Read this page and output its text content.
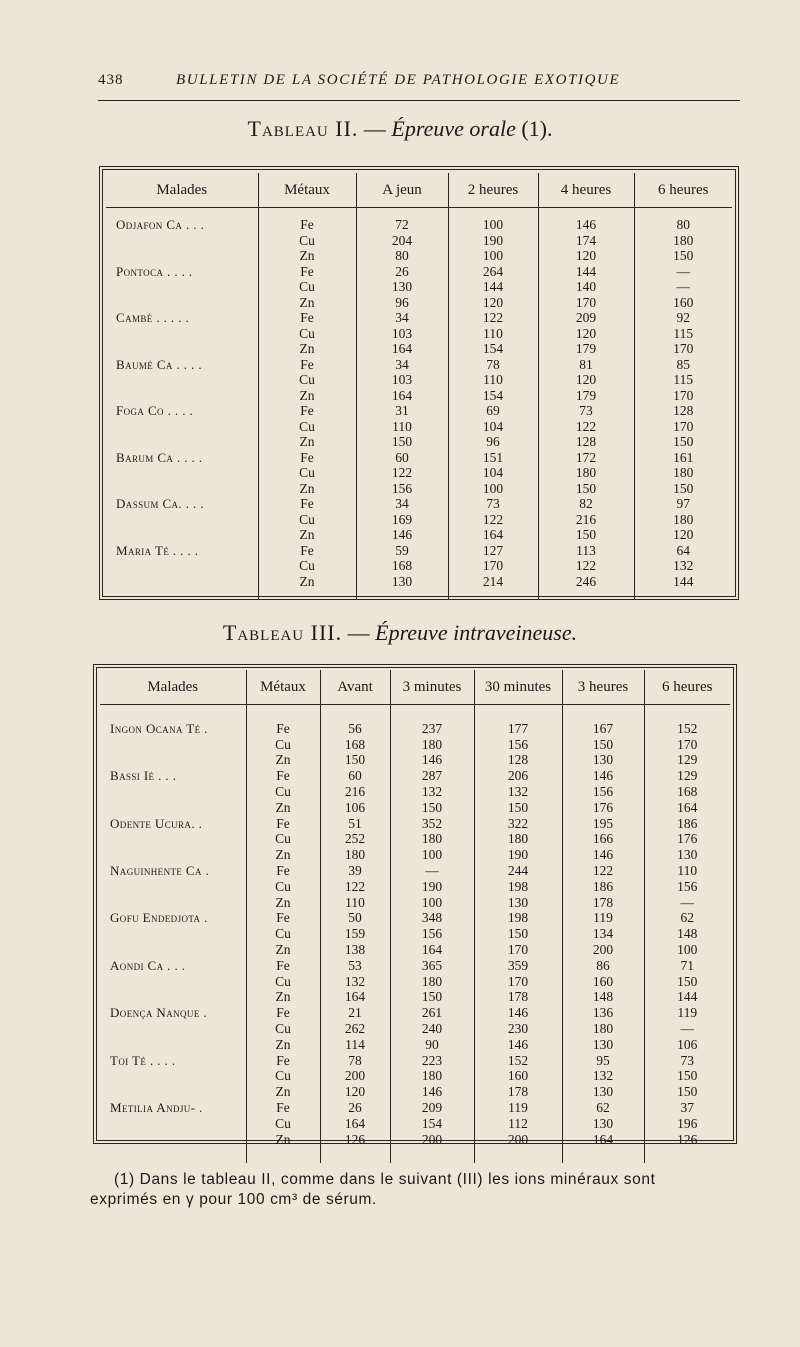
438	BULLETIN DE LA SOCIÉTÉ DE PATHOLOGIE EXOTIQUE
Tableau II. — Épreuve orale (1).
Malades	Métaux	A jeun	2 heures	4 heures	6 heures

Odjafon Ca . . .	Fe	72	100	146	80
	Cu	204	190	174	180
	Zn	80	100	120	150
Pontoca . . . .	Fe	26	264	144	—
	Cu	130	144	140	—
	Zn	96	120	170	160
Cambé . . . . .	Fe	34	122	209	92
	Cu	103	110	120	115
	Zn	164	154	179	170
Baumé Ca . . . .	Fe	34	78	81	85
	Cu	103	110	120	115
	Zn	164	154	179	170
Foga Co . . . .	Fe	31	69	73	128
	Cu	110	104	122	170
	Zn	150	96	128	150
Barum Ca . . . .	Fe	60	151	172	161
	Cu	122	104	180	180
	Zn	156	100	150	150
Dassum Ca. . . .	Fe	34	73	82	97
	Cu	169	122	216	180
	Zn	146	164	150	120
Maria Té . . . .	Fe	59	127	113	64
	Cu	168	170	122	132
	Zn	130	214	246	144

Tableau III. — Épreuve intraveineuse.
Malades	Métaux	Avant	3 minutes	30 minutes	3 heures	6 heures

Ingon Ocana Té .	Fe	56	237	177	167	152
	Cu	168	180	156	150	170
	Zn	150	146	128	130	129
Bassi Ié . . .	Fe	60	287	206	146	129
	Cu	216	132	132	156	168
	Zn	106	150	150	176	164
Odente Ucura. .	Fe	51	352	322	195	186
	Cu	252	180	180	166	176
	Zn	180	100	190	146	130
Naguinhente Ca .	Fe	39	—	244	122	110
	Cu	122	190	198	186	156
	Zn	110	100	130	178	—
Gofu Endedjota .	Fe	50	348	198	119	62
	Cu	159	156	150	134	148
	Zn	138	164	170	200	100
Aondi Ca . . .	Fe	53	365	359	86	71
	Cu	132	180	170	160	150
	Zn	164	150	178	148	144
Doença Nanque .	Fe	21	261	146	136	119
	Cu	262	240	230	180	—
	Zn	114	90	146	130	106
Toi Té . . . .	Fe	78	223	152	95	73
	Cu	200	180	160	132	150
	Zn	120	146	178	130	150
Metilia Andju- .	Fe	26	209	119	62	37
	Cu	164	154	112	130	196
	Zn	126	200	200	164	126

(1) Dans le tableau II, comme dans le suivant (III) les ions minéraux sont
exprimés en γ pour 100 cm³ de sérum.
